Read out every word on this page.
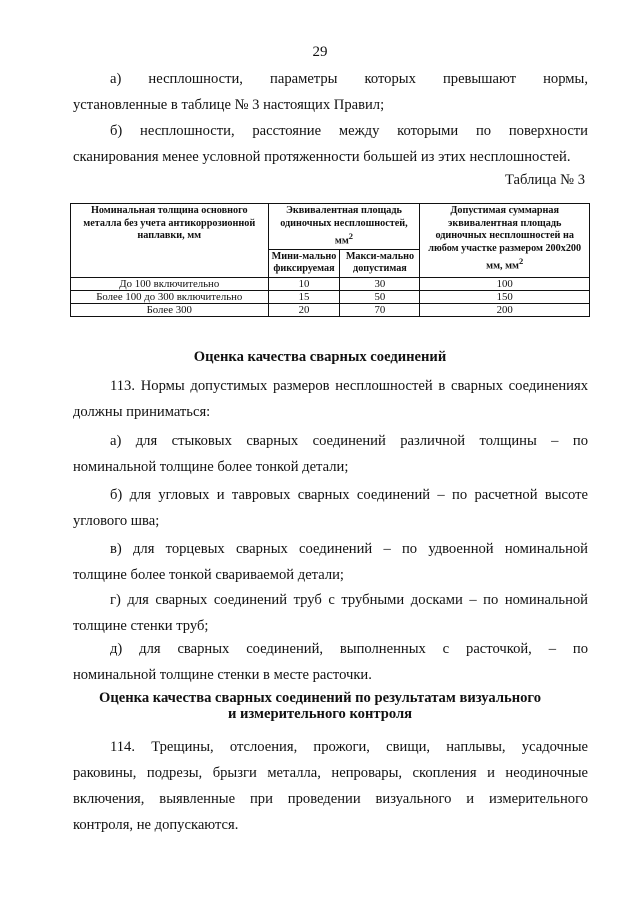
29
а) несплошности, параметры которых превышают нормы,
установленные в таблице № 3 настоящих Правил;
б) несплошности, расстояние между которыми по поверхности
сканирования менее условной протяженности большей из этих несплошностей.
Таблица № 3
Номинальная толщина основного металла без учета антикоррозионной наплавки, мм	Эквивалентная площадь одиночных несплошностей, $мм^2$		Допустимая суммарная эквивалентная площадь одиночных несплошностей на любом участке размером 200x200 мм, $мм^2$
	Мини-мально фиксируемая	Макси-мально допустимая	
До 100 включительно	10	30	100
Более 100 до 300 включительно	15	50	150
Более 300	20	70	200
Оценка качества сварных соединений
113. Нормы допустимых размеров несплошностей в сварных соединениях
должны приниматься:
а) для стыковых сварных соединений различной толщины – по
номинальной толщине более тонкой детали;
б) для угловых и тавровых сварных соединений – по расчетной высоте
углового шва;
в) для торцевых сварных соединений – по удвоенной номинальной
толщине более тонкой свариваемой детали;
г) для сварных соединений труб с трубными досками – по номинальной
толщине стенки труб;
д) для сварных соединений, выполненных с расточкой, – по
номинальной толщине стенки в месте расточки.
Оценка качества сварных соединений по результатам визуального
и измерительного контроля
114. Трещины, отслоения, прожоги, свищи, наплывы, усадочные
раковины, подрезы, брызги металла, непровары, скопления и неодиночные
включения, выявленные при проведении визуального и измерительного
контроля, не допускаются.
